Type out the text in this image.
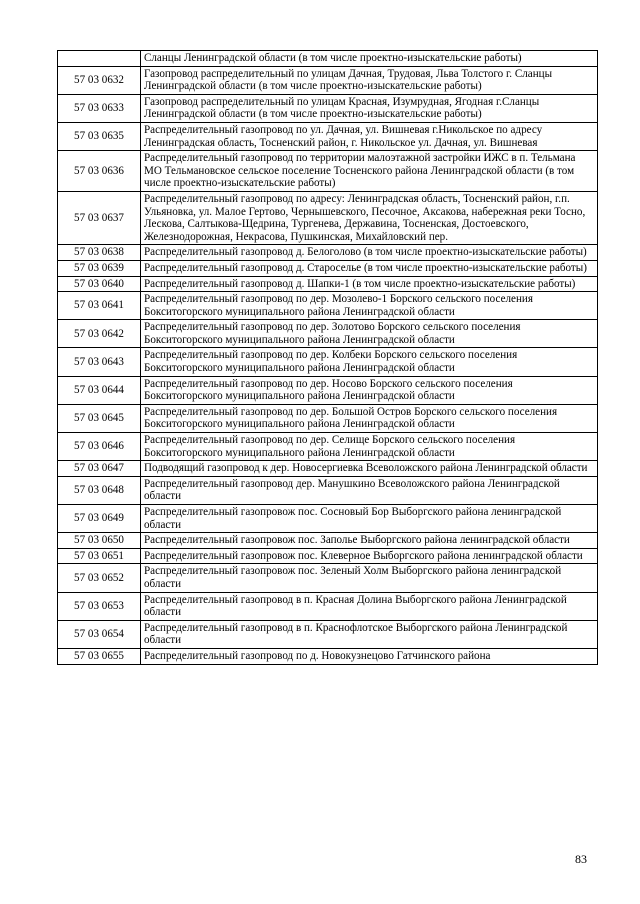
	Сланцы Ленинградской области (в том числе проектно-изыскательские работы)
57 03 0632	Газопровод распределительный по улицам Дачная, Трудовая, Льва Толстого г. Сланцы Ленинградской области (в том числе проектно-изыскательские работы)
57 03 0633	Газопровод распределительный по улицам Красная, Изумрудная, Ягодная г.Сланцы Ленинградской области (в том числе проектно-изыскательские работы)
57 03 0635	Распределительный газопровод по ул. Дачная, ул. Вишневая г.Никольское по адресу Ленинградская область, Тосненский район, г. Никольское ул. Дачная, ул. Вишневая
57 03 0636	Распределительный газопровод по территории малоэтажной застройки ИЖС в п. Тельмана МО Тельмановское сельское поселение Тосненского района Ленинградской области (в том числе проектно-изыскательские работы)
57 03 0637	Распределительный газопровод по адресу: Ленинградская область, Тосненский район, г.п. Ульяновка, ул. Малое Гертово, Чернышевского, Песочное, Аксакова, набережная реки Тосно, Лескова, Салтыкова-Щедрина, Тургенева, Державина, Тосненская, Достоевского, Железнодорожная, Некрасова, Пушкинская, Михайловский пер.
57 03 0638	Распределительный газопровод д. Белоголово (в том числе проектно-изыскательские работы)
57 03 0639	Распределительный газопровод д. Староселье (в том числе проектно-изыскательские работы)
57 03 0640	Распределительный газопровод д. Шапки-1 (в том числе проектно-изыскательские работы)
57 03 0641	Распределительный газопровод по дер. Мозолево-1 Борского сельского поселения Бокситогорского муниципального района Ленинградской области
57 03 0642	Распределительный газопровод по дер. Золотово Борского сельского поселения Бокситогорского муниципального района Ленинградской области
57 03 0643	Распределительный газопровод по дер. Колбеки Борского сельского поселения Бокситогорского муниципального района Ленинградской области
57 03 0644	Распределительный газопровод по дер. Носово Борского сельского поселения Бокситогорского муниципального района Ленинградской области
57 03 0645	Распределительный газопровод по дер. Большой Остров Борского сельского поселения Бокситогорского муниципального района Ленинградской области
57 03 0646	Распределительный газопровод по дер. Селище Борского сельского поселения Бокситогорского муниципального района Ленинградской области
57 03 0647	Подводящий газопровод к дер. Новосергиевка Всеволожского района Ленинградской области
57 03 0648	Распределительный газопровод дер. Манушкино Всеволожского района Ленинградской области
57 03 0649	Распределительный газопровож пос. Сосновый Бор Выборгского района ленинградской области
57 03 0650	Распределительный газопровож пос. Заполье Выборгского района ленинградской области
57 03 0651	Распределительный газопровож пос. Клеверное Выборгского района ленинградской области
57 03 0652	Распределительный газопровож пос. Зеленый Холм Выборгского района ленинградской области
57 03 0653	Распределительный газопровод в п. Красная Долина Выборгского района Ленинградской области
57 03 0654	Распределительный газопровод в п. Краснофлотское Выборгского района Ленинградской области
57 03 0655	Распределительный газопровод по д. Новокузнецово Гатчинского района
83
